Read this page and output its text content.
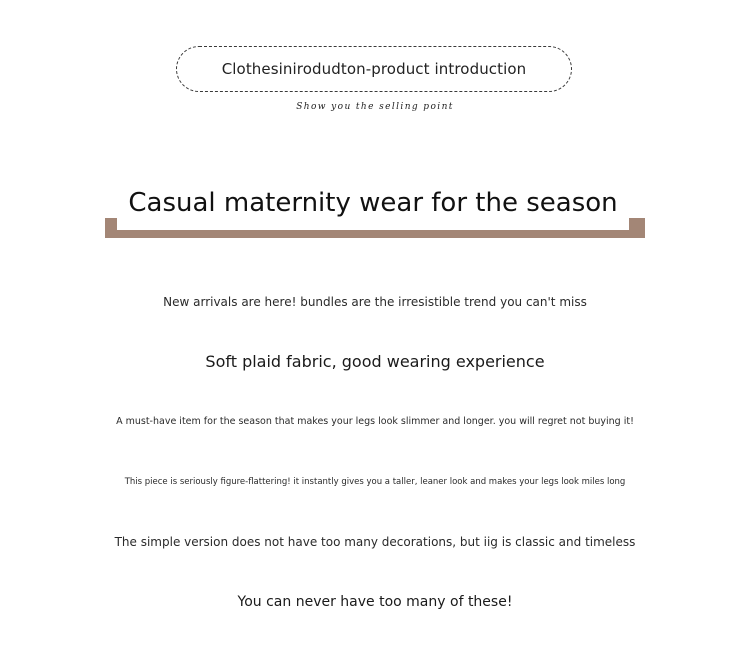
Clothesinirodudton-product introduction
Show you the selling point
Casual maternity wear for the season
New arrivals are here! bundles are the irresistible trend you can't miss
Soft plaid fabric, good wearing experience
A must-have item for the season that makes your legs look slimmer and longer. you will regret not buying it!
This piece is seriously figure-flattering! it instantly gives you a taller, leaner look and makes your legs look miles long
The simple version does not have too many decorations, but iig is classic and timeless
You can never have too many of these!
